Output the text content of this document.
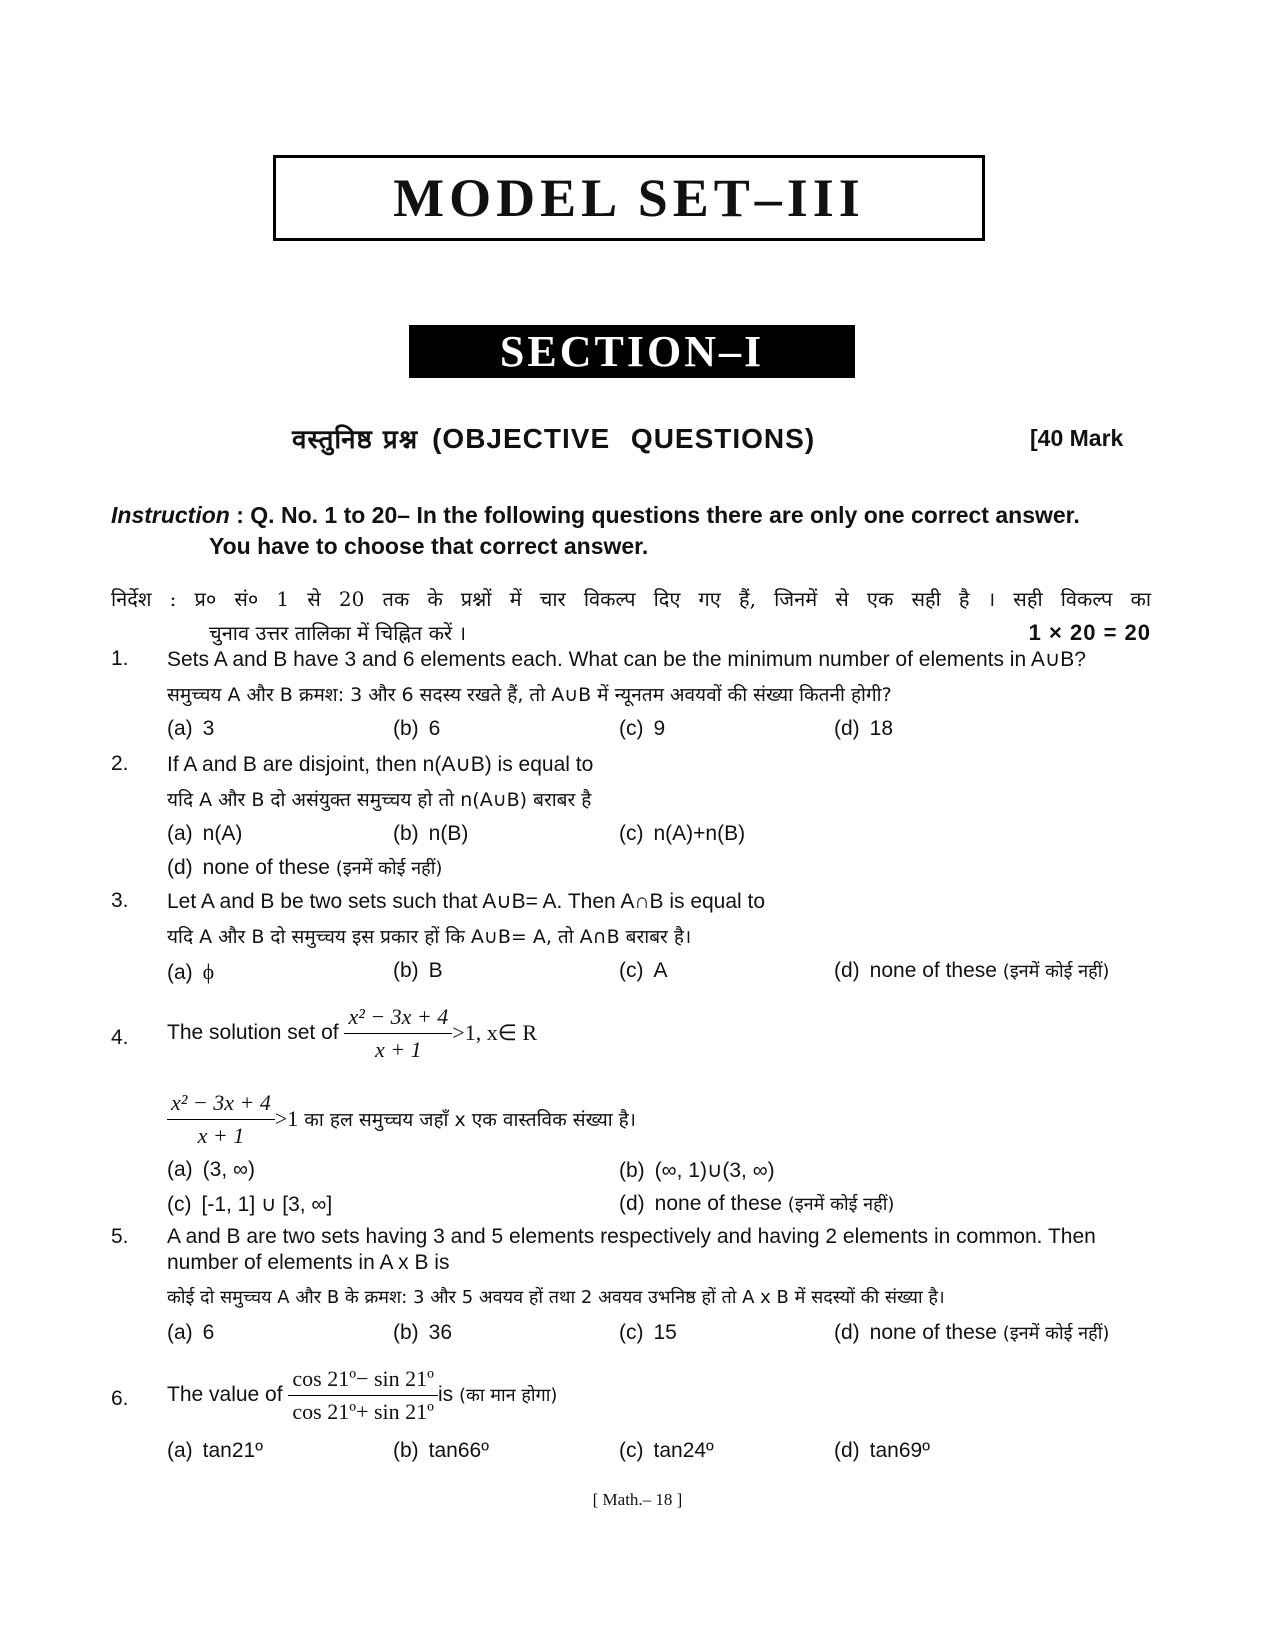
MODEL SET–III
SECTION–I
वस्तुनिष्ठ प्रश्न (OBJECTIVE QUESTIONS)	[40 Mark
Instruction : Q. No. 1 to 20– In the following questions there are only one correct answer.
You have to choose that correct answer.
निर्देश : प्र० सं० 1 से 20 तक के प्रश्नों में चार विकल्प दिए गए हैं, जिनमें से एक सही है । सही विकल्प का
चुनाव उत्तर तालिका में चिह्नित करें ।	1 × 20 = 20
1. Sets A and B have 3 and 6 elements each. What can be the minimum number of elements in A∪B?
समुच्चय A और B क्रमश: 3 और 6 सदस्य रखते हैं, तो A∪B में न्यूनतम अवयवों की संख्या कितनी होगी?
(a) 3	(b) 6	(c) 9	(d) 18
2. If A and B are disjoint, then n(A∪B) is equal to
यदि A और B दो असंयुक्त समुच्चय हो तो n(A∪B) बराबर है
(a) n(A)	(b) n(B)	(c) n(A)+n(B)
(d) none of these (इनमें कोई नहीं)
3. Let A and B be two sets such that A∪B= A. Then A∩B is equal to
यदि A और B दो समुच्चय इस प्रकार हों कि A∪B= A, तो A∩B बराबर है।
(a) ϕ	(b) B	(c) A	(d) none of these (इनमें कोई नहीं)
4. The solution set of
$\frac{\text{x² − 3x + 4}}{x + 1} >1$, x∈ R
$\frac{\text{x² − 3x + 4}}{x + 1} >1$
का हल समुच्चय जहाँ x एक वास्तविक संख्या है।
(a) (3, ∞)	(b) (∞, 1)∪(3, ∞)
(c) [-1, 1] ∪ [3, ∞]	(d) none of these (इनमें कोई नहीं)
5. A and B are two sets having 3 and 5 elements respectively and having 2 elements in common. Then
number of elements in A x B is
कोई दो समुच्चय A और B के क्रमश: 3 और 5 अवयव हों तथा 2 अवयव उभनिष्ठ हों तो A x B में सदस्यों की संख्या है।
(a) 6	(b) 36	(c) 15	(d) none of these (इनमें कोई नहीं)
6. The value of
$\frac{\text{cos 21º− sin 21º}}{\text{cos 21º+ sin 21º}}$ is
(का मान होगा)
(a) tan21º	(b) tan66º	(c) tan24º	(d) tan69º
[ Math.– 18 ]
